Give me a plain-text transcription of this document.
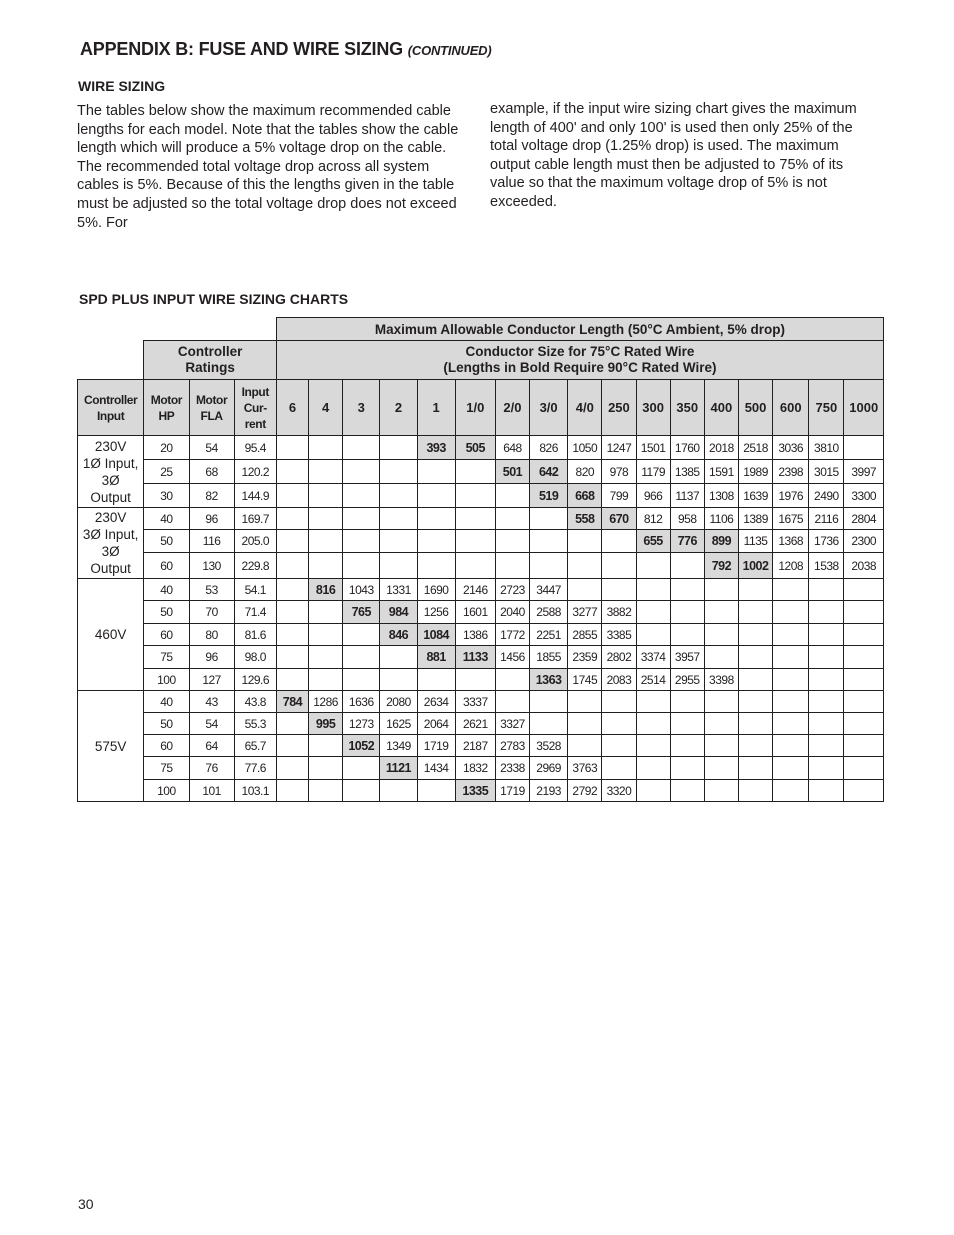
APPENDIX B: FUSE AND WIRE SIZING (CONTINUED)
WIRE SIZING

The tables below show the maximum recommended cable lengths for each model. Note that the tables show the cable length which will produce a 5% voltage drop on the cable. The recommended total voltage drop across all system cables is 5%. Because of this the lengths given in the table must be adjusted so the total voltage drop does not exceed 5%. For

example, if the input wire sizing chart gives the maximum length of 400' and only 100' is used then only 25% of the total voltage drop (1.25% drop) is used. The maximum output cable length must then be adjusted to 75% of its value so that the maximum voltage drop of 5% is not exceeded.

SPD PLUS INPUT WIRE SIZING CHARTS
				Maximum Allowable Conductor Length (50°C Ambient, 5% drop)																
	Controller
Ratings			Conductor Size for 75°C Rated Wire
(Lengths in Bold Require 90°C Rated Wire)																
Controller
Input	Motor
HP	Motor
FLA	Input
Cur-
rent	6	4	3	2	1	1/0	2/0	3/0	4/0	250	300	350	400	500	600	750	1000
230V
1Ø Input,
3Ø
Output	20	54	95.4					393	505	648	826	1050	1247	1501	1760	2018	2518	3036	3810	
	25	68	120.2							501	642	820	978	1179	1385	1591	1989	2398	3015	3997
	30	82	144.9								519	668	799	966	1137	1308	1639	1976	2490	3300
230V
3Ø Input,
3Ø
Output	40	96	169.7									558	670	812	958	1106	1389	1675	2116	2804
	50	116	205.0											655	776	899	1135	1368	1736	2300
	60	130	229.8													792	1002	1208	1538	2038
460V	40	53	54.1		816	1043	1331	1690	2146	2723	3447									
	50	70	71.4			765	984	1256	1601	2040	2588	3277	3882							
	60	80	81.6				846	1084	1386	1772	2251	2855	3385							
	75	96	98.0					881	1133	1456	1855	2359	2802	3374	3957					
	100	127	129.6								1363	1745	2083	2514	2955	3398				
575V	40	43	43.8	784	1286	1636	2080	2634	3337											
	50	54	55.3		995	1273	1625	2064	2621	3327										
	60	64	65.7			1052	1349	1719	2187	2783	3528									
	75	76	77.6				1121	1434	1832	2338	2969	3763								
	100	101	103.1						1335	1719	2193	2792	3320							
30
